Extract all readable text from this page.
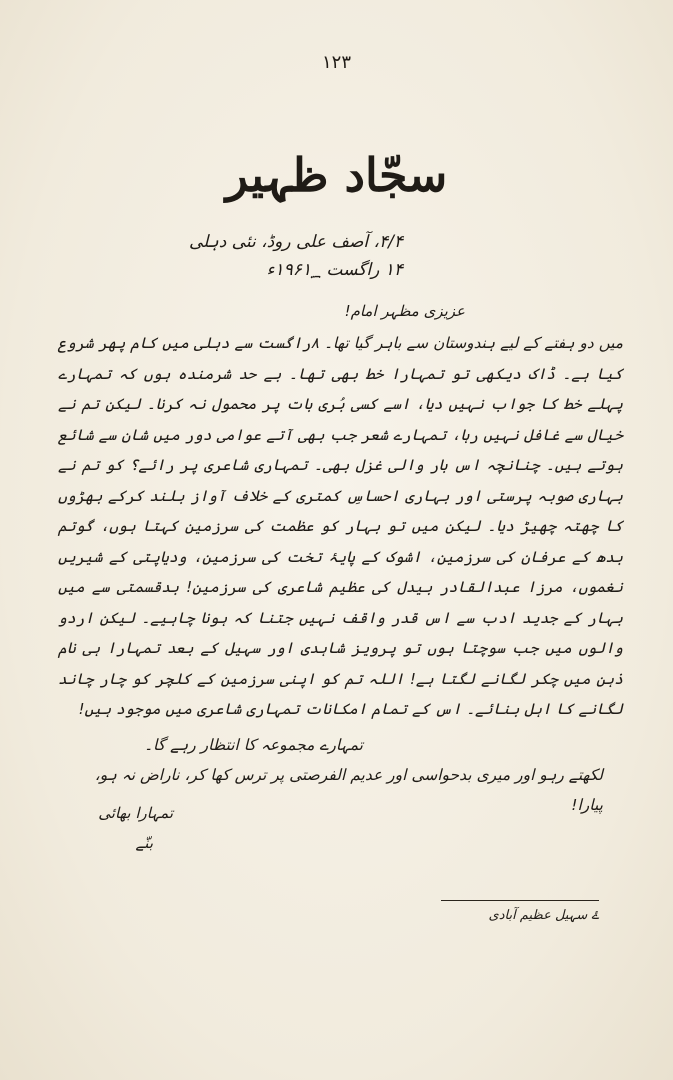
۱۲۳
سجّاد ظہیر
۴/۴، آصف علی روڈ، نئی دہلی
۱۴ راگست ۱۹۶۱؁ء
عزیزی مظہر امام!

میں دو ہفتے کے لیے ہندوستان سے باہر گیا تھا۔ ۸راگست سے دہلی میں کام پھر شروع کیا ہے۔ ڈاک دیکھی تو تمہارا خط بھی تھا۔ بے حد شرمندہ ہوں کہ تمہارے پہلے خط کا جواب نہیں دیا، اسے کسی بُری بات پر محمول نہ کرنا۔ لیکن تم نے خیال سے غافل نہیں رہا، تمہارے شعر جب بھی آتے عوامی دور میں شان سے شائع ہوتے ہیں۔ چنانچہ اس بار والی غزل بھی۔ تمہاری شاعری پر رائے؟ کو تم نے بہاری صوبہ پرستی اور بہاری احساسِ کمتری کے خلاف آواز بلند کرکے بھڑوں کا چھتہ چھیڑ دیا۔ لیکن میں تو بہار کو عظمت کی سرزمین کہتا ہوں، گوتم بدھ کے عرفان کی سرزمین، اشوک کے پایۂ تخت کی سرزمین، ودیاپتی کے شیریں نغموں، مرزا عبدالقادر بیدل کی عظیم شاعری کی سرزمین! بدقسمتی سے میں بہار کے جدید ادب سے اس قدر واقف نہیں جتنا کہ ہونا چاہیے۔ لیکن اردو والوں میں جب سوچتا ہوں تو پرویز شاہدی اور سہیل کے بعد تمہارا ہی نام ذہن میں چکر لگانے لگتا ہے! اللہ تم کو اپنی سرزمین کے کلچر کو چار چاند لگانے کا اہل بنائے۔ اس کے تمام امکانات تمہاری شاعری میں موجود ہیں!

تمہارے مجموعہ کا انتظار رہے گا۔
لکھتے رہو اور میری بدحواسی اور عدیم الفرصتی پر ترس کھا کر، ناراض نہ ہو، پیارا!
تمہارا بھائی
بنّے
ۓ سہیل عظیم آبادی
